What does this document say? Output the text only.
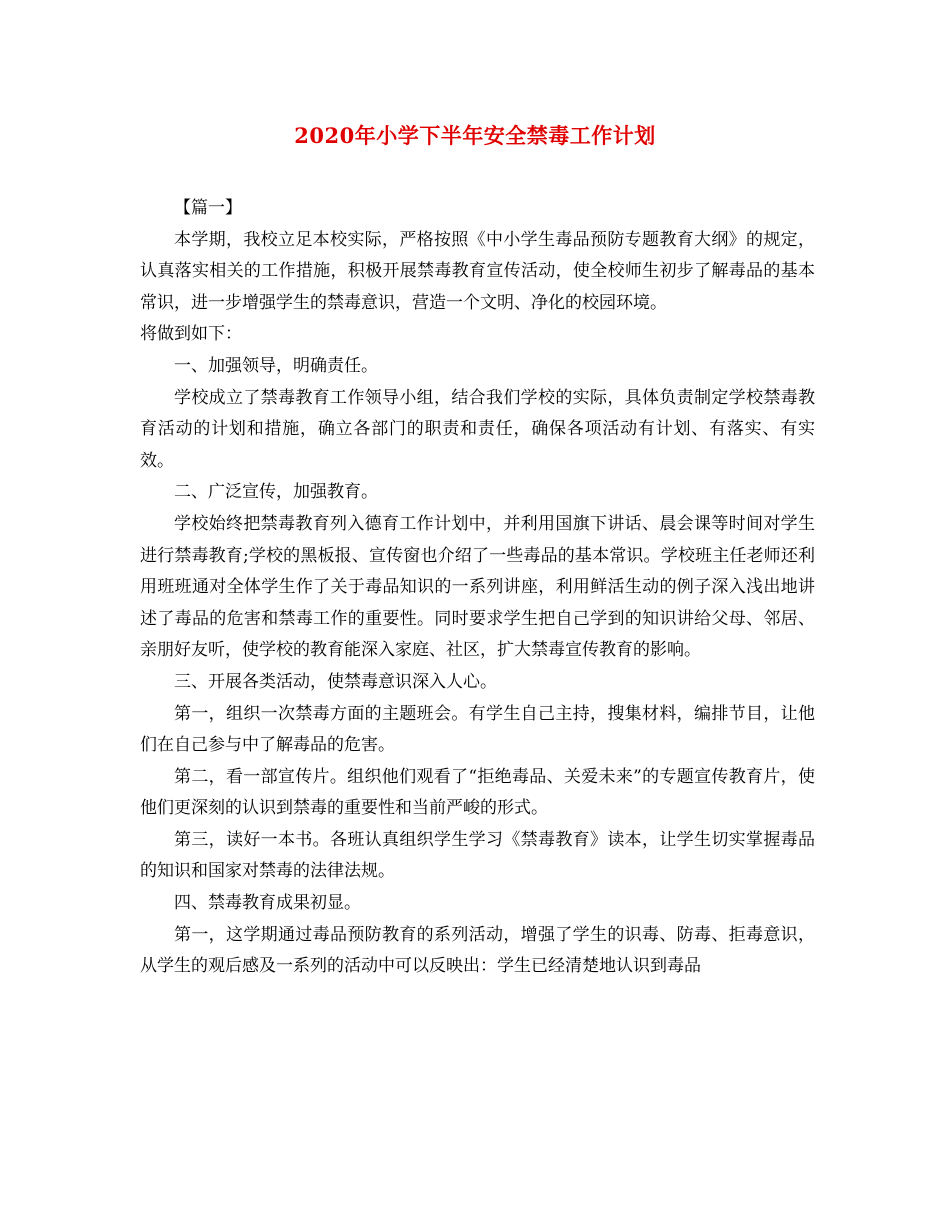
2020年小学下半年安全禁毒工作计划

【篇一】

本学期，我校立足本校实际，严格按照《中小学生毒品预防专题教育大纲》的规定，认真落实相关的工作措施，积极开展禁毒教育宣传活动，使全校师生初步了解毒品的基本常识，进一步增强学生的禁毒意识，营造一个文明、净化的校园环境。

将做到如下：

一、加强领导，明确责任。

学校成立了禁毒教育工作领导小组，结合我们学校的实际，具体负责制定学校禁毒教育活动的计划和措施，确立各部门的职责和责任，确保各项活动有计划、有落实、有实效。

二、广泛宣传，加强教育。

学校始终把禁毒教育列入德育工作计划中，并利用国旗下讲话、晨会课等时间对学生进行禁毒教育;学校的黑板报、宣传窗也介绍了一些毒品的基本常识。学校班主任老师还利用班班通对全体学生作了关于毒品知识的一系列讲座，利用鲜活生动的例子深入浅出地讲述了毒品的危害和禁毒工作的重要性。同时要求学生把自己学到的知识讲给父母、邻居、亲朋好友听，使学校的教育能深入家庭、社区，扩大禁毒宣传教育的影响。

三、开展各类活动，使禁毒意识深入人心。

第一，组织一次禁毒方面的主题班会。有学生自己主持，搜集材料，编排节目，让他们在自己参与中了解毒品的危害。

第二，看一部宣传片。组织他们观看了“拒绝毒品、关爱未来”的专题宣传教育片，使他们更深刻的认识到禁毒的重要性和当前严峻的形式。

第三，读好一本书。各班认真组织学生学习《禁毒教育》读本，让学生切实掌握毒品的知识和国家对禁毒的法律法规。

四、禁毒教育成果初显。

第一，这学期通过毒品预防教育的系列活动，增强了学生的识毒、防毒、拒毒意识，从学生的观后感及一系列的活动中可以反映出：学生已经清楚地认识到毒品
